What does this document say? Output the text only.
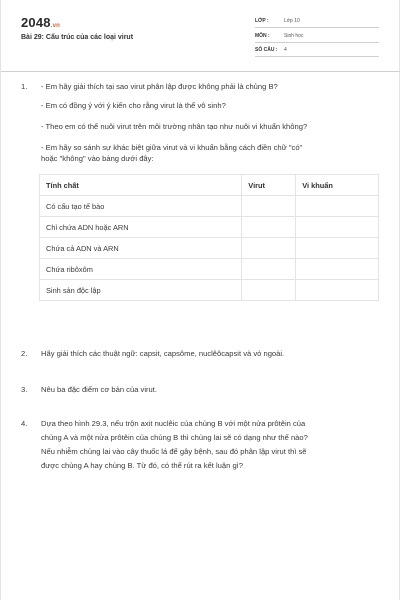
2048.vn
Bài 29: Cấu trúc của các loại virut
LỚP :	Lớp 10
MÔN :	Sinh học
SỐ CÂU : 4
1. - Em hãy giải thích tại sao virut phân lập được không phải là chủng B?
- Em có đồng ý với ý kiến cho rằng virut là thể vô sinh?
- Theo em có thể nuôi virut trên môi trường nhân tạo như nuôi vi khuẩn không?
- Em hãy so sánh sự khác biệt giữa virut và vi khuẩn bằng cách điền chữ "có"
hoặc "không" vào bảng dưới đây:
Tính chất	Virut	Vi khuẩn
Có cấu tạo tế bào		
Chỉ chứa ADN hoặc ARN		
Chứa cả ADN và ARN		
Chứa ribôxôm		
Sinh sản độc lập		
2. Hãy giải thích các thuật ngữ: capsit, capsôme, nuclêôcapsit và vỏ ngoài.
3. Nêu ba đặc điểm cơ bản của virut.
4. Dựa theo hình 29.3, nếu trộn axit nuclêic của chủng B với một nửa prôtêin của
chủng A và một nửa prôtêin của chủng B thì chủng lai sẽ có dạng như thế nào?
Nếu nhiễm chủng lai vào cây thuốc lá để gây bệnh, sau đó phân lập virut thì sẽ
được chủng A hay chủng B. Từ đó, có thể rút ra kết luận gì?
